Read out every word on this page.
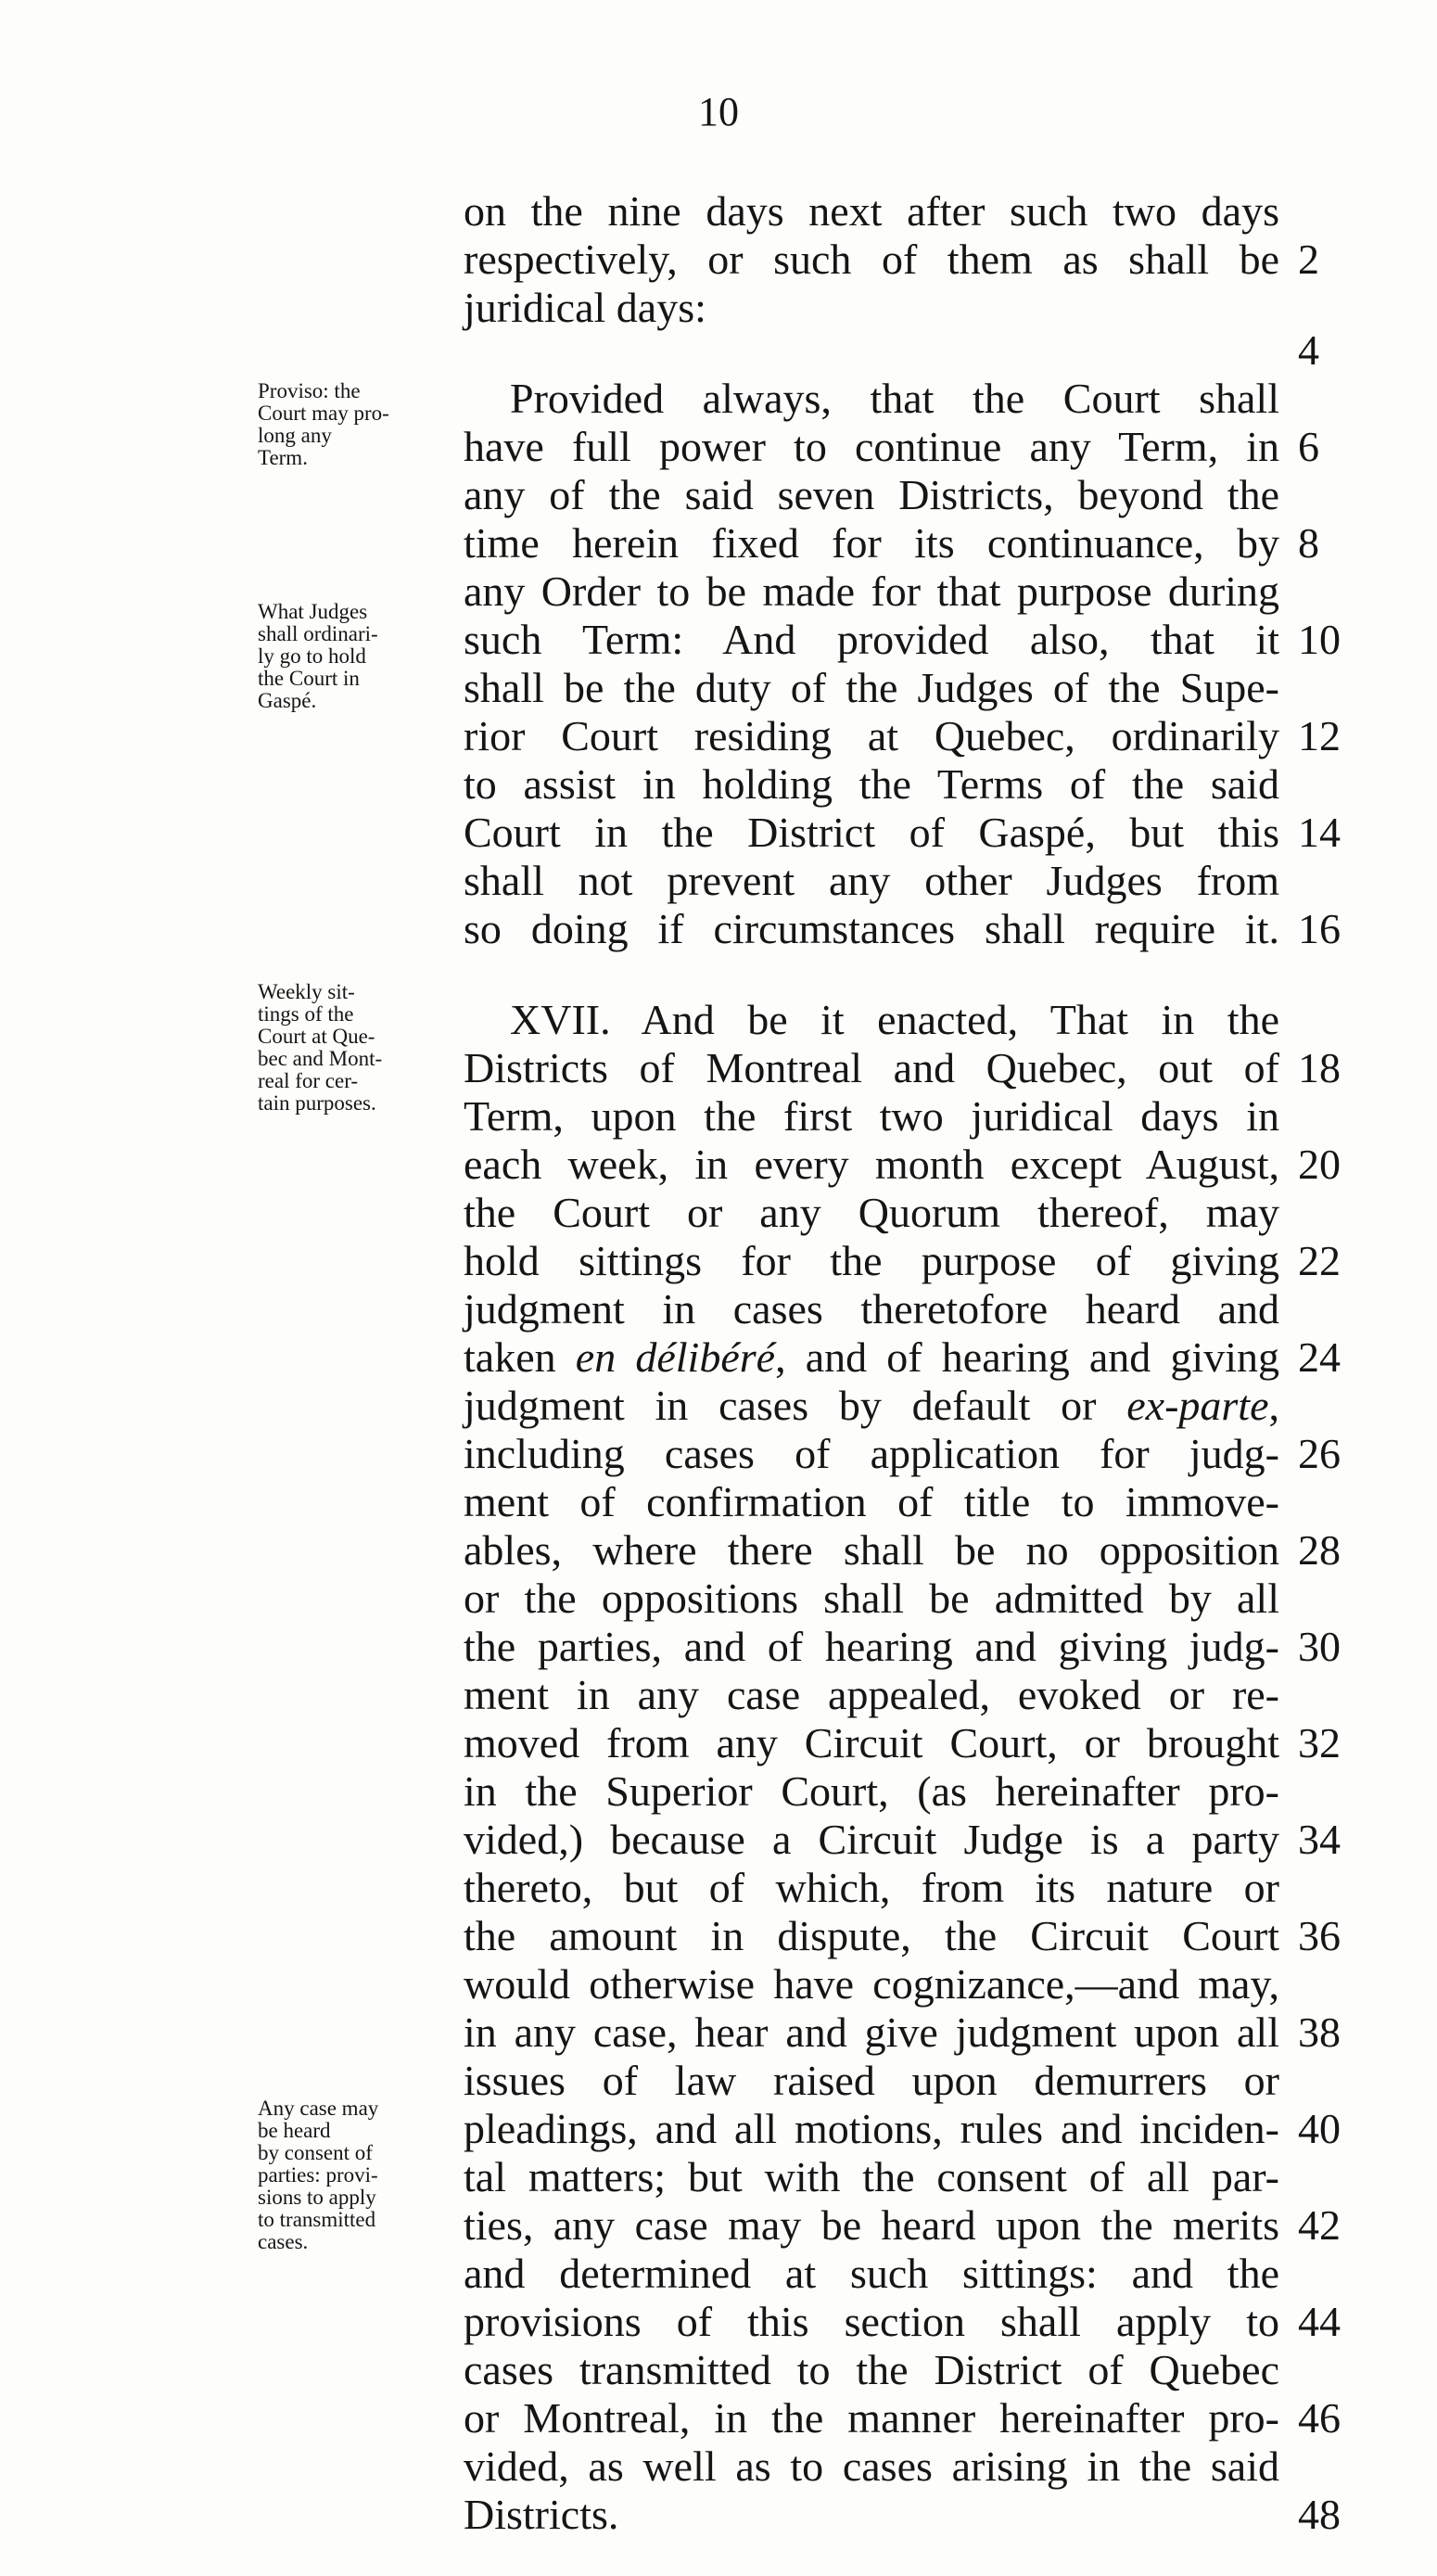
10
on the nine days next after such two days
respectively, or such of them as shall be
juridical days:
Provided always, that the Court shall
have full power to continue any Term, in
any of the said seven Districts, beyond the
time herein fixed for its continuance, by
any Order to be made for that purpose during
such Term: And provided also, that it
shall be the duty of the Judges of the Supe-
rior Court residing at Quebec, ordinarily
to assist in holding the Terms of the said
Court in the District of Gaspé, but this
shall not prevent any other Judges from
so doing if circumstances shall require it.
XVII. And be it enacted, That in the
Districts of Montreal and Quebec, out of
Term, upon the first two juridical days in
each week, in every month except August,
the Court or any Quorum thereof, may
hold sittings for the purpose of giving
judgment in cases theretofore heard and
taken en délibéré, and of hearing and giving
judgment in cases by default or ex-parte,
including cases of application for judg-
ment of confirmation of title to immove-
ables, where there shall be no opposition
or the oppositions shall be admitted by all
the parties, and of hearing and giving judg-
ment in any case appealed, evoked or re-
moved from any Circuit Court, or brought
in the Superior Court, (as hereinafter pro-
vided,) because a Circuit Judge is a party
thereto, but of which, from its nature or
the amount in dispute, the Circuit Court
would otherwise have cognizance,—and may,
in any case, hear and give judgment upon all
issues of law raised upon demurrers or
pleadings, and all motions, rules and inciden-
tal matters; but with the consent of all par-
ties, any case may be heard upon the merits
and determined at such sittings: and the
provisions of this section shall apply to
cases transmitted to the District of Quebec
or Montreal, in the manner hereinafter pro-
vided, as well as to cases arising in the said
Districts.
2
4
6
8
10
12
14
16
18
20
22
24
26
28
30
32
34
36
38
40
42
44
46
48
Proviso: the
Court may pro-
long any
Term.
What Judges
shall ordinari-
ly go to hold
the Court in
Gaspé.
Weekly sit-
tings of the
Court at Que-
bec and Mont-
real for cer-
tain purposes.
Any case may
be heard
by consent of
parties: provi-
sions to apply
to transmitted
cases.
